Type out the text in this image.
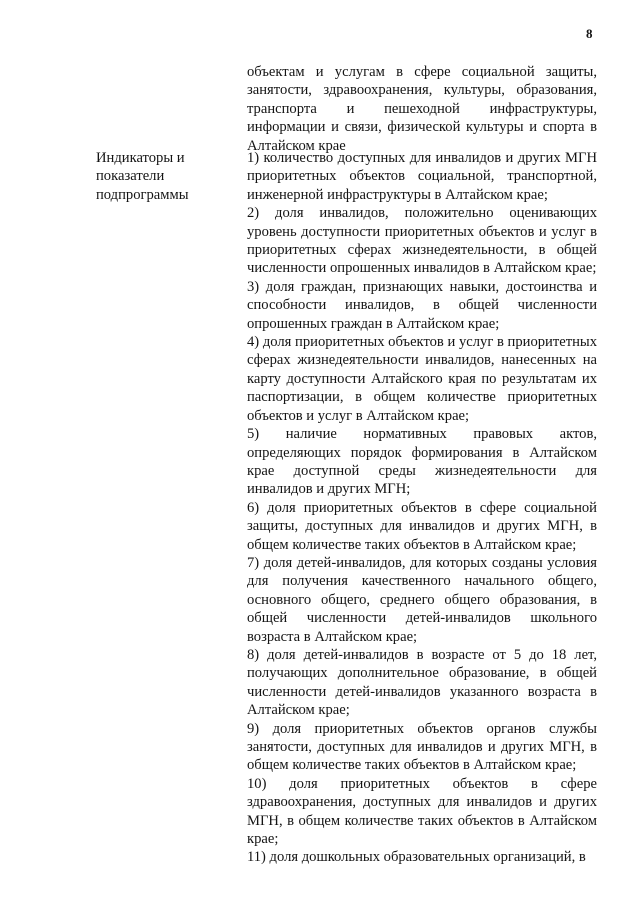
8
объектам и услугам в сфере социальной защиты, занятости, здравоохранения, культуры, образования, транспорта и пешеходной инфраструктуры, информации и связи, физической культуры и спорта в Алтайском крае
Индикаторы и показатели подпрограммы

1) количество доступных для инвалидов и других МГН приоритетных объектов социальной, транспортной, инженерной инфраструктуры в Алтайском крае;

2) доля инвалидов, положительно оценивающих уровень доступности приоритетных объектов и услуг в приоритетных сферах жизнедеятельности, в общей численности опрошенных инвалидов в Алтайском крае;

3) доля граждан, признающих навыки, достоинства и способности инвалидов, в общей численности опрошенных граждан в Алтайском крае;

4) доля приоритетных объектов и услуг в приоритетных сферах жизнедеятельности инвалидов, нанесенных на карту доступности Алтайского края по результатам их паспортизации, в общем количестве приоритетных объектов и услуг в Алтайском крае;

5) наличие нормативных правовых актов, определяющих порядок формирования в Алтайском крае доступной среды жизнедеятельности для инвалидов и других МГН;

6) доля приоритетных объектов в сфере социальной защиты, доступных для инвалидов и других МГН, в общем количестве таких объектов в Алтайском крае;

7) доля детей-инвалидов, для которых созданы условия для получения качественного начального общего, основного общего, среднего общего образования, в общей численности детей-инвалидов школьного возраста в Алтайском крае;

8) доля детей-инвалидов в возрасте от 5 до 18 лет, получающих дополнительное образование, в общей численности детей-инвалидов указанного возраста в Алтайском крае;

9) доля приоритетных объектов органов службы занятости, доступных для инвалидов и других МГН, в общем количестве таких объектов в Алтайском крае;

10) доля приоритетных объектов в сфере здравоохранения, доступных для инвалидов и других МГН, в общем количестве таких объектов в Алтайском крае;

11) доля дошкольных образовательных организаций, в
